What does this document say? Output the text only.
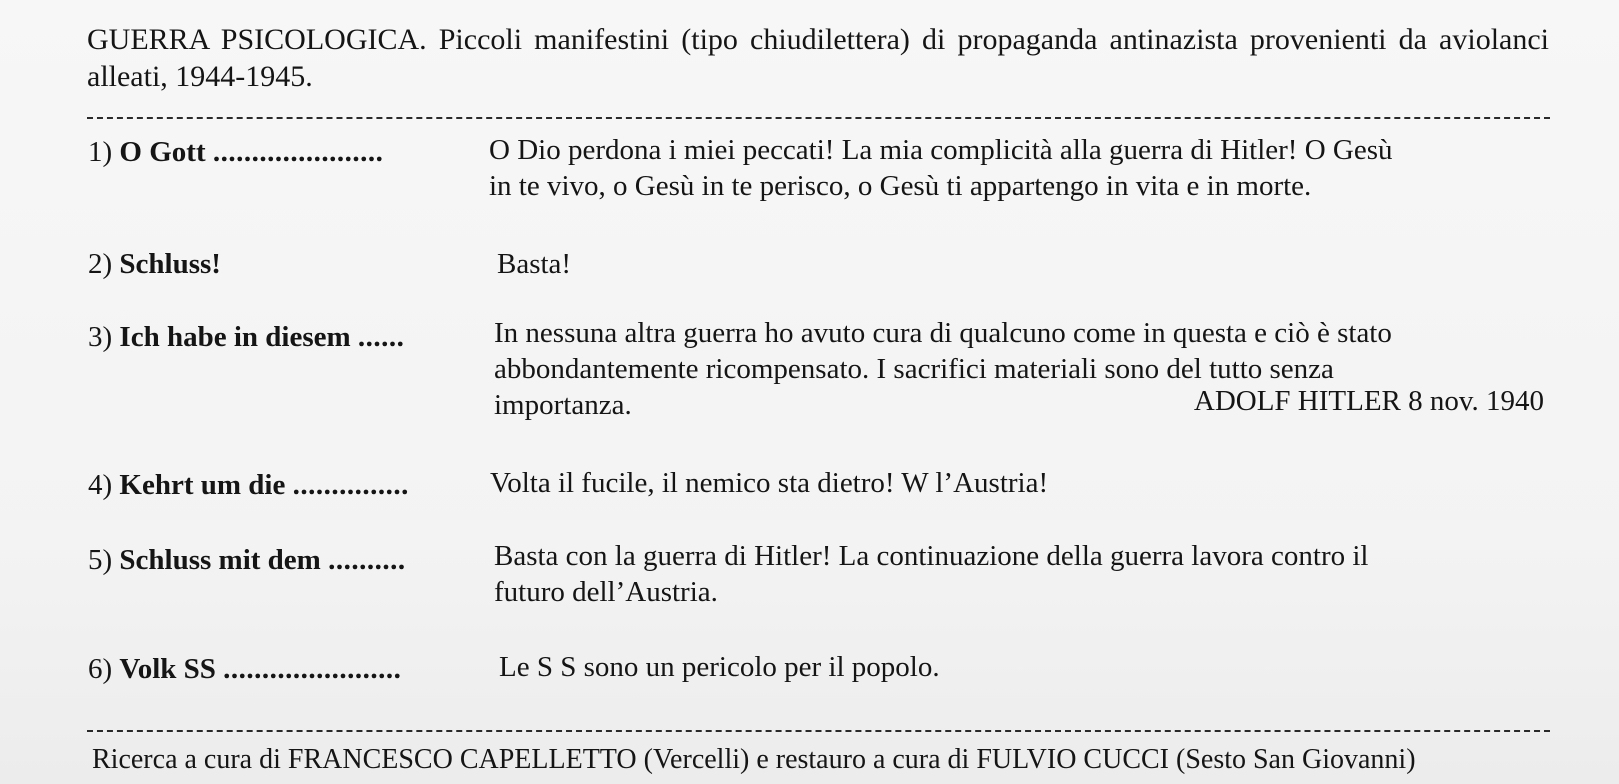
GUERRA PSICOLOGICA. Piccoli manifestini (tipo chiudilettera) di propaganda antinazista provenienti da aviolanci alleati, 1944-1945.
1) O Gott ......................	O Dio perdona i miei peccati! La mia complicità alla guerra di Hitler! O Gesù
in te vivo, o Gesù in te perisco, o Gesù ti appartengo in vita e in morte.
2) Schluss!	Basta!
3) Ich habe in diesem ......	In nessuna altra guerra ho avuto cura di qualcuno come in questa e ciò è stato
abbondantemente ricompensato. I sacrifici materiali sono del tutto senza
importanza.	ADOLF HITLER 8 nov. 1940
4) Kehrt um die ...............	Volta il fucile, il nemico sta dietro! W l’Austria!
5) Schluss mit dem ..........	Basta con la guerra di Hitler! La continuazione della guerra lavora contro il
futuro dell’Austria.
6) Volk SS .......................	Le S S sono un pericolo per il popolo.
Ricerca a cura di FRANCESCO CAPELLETTO (Vercelli) e restauro a cura di FULVIO CUCCI (Sesto San Giovanni)
